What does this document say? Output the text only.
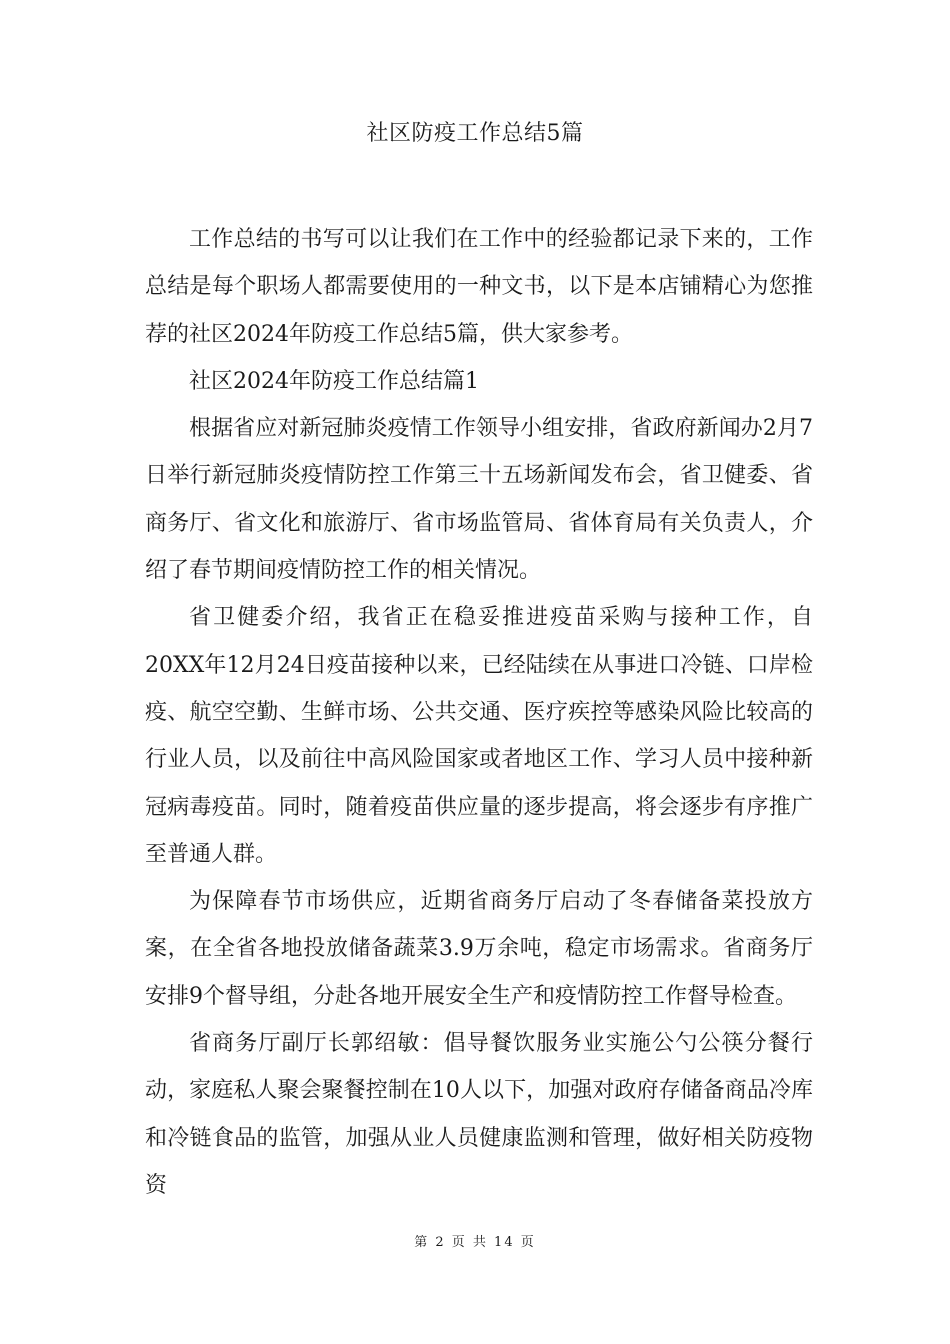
社区防疫工作总结5篇

工作总结的书写可以让我们在工作中的经验都记录下来的，工作总结是每个职场人都需要使用的一种文书，以下是本店铺精心为您推荐的社区2024年防疫工作总结5篇，供大家参考。

社区2024年防疫工作总结篇1

根据省应对新冠肺炎疫情工作领导小组安排，省政府新闻办2月7日举行新冠肺炎疫情防控工作第三十五场新闻发布会，省卫健委、省商务厅、省文化和旅游厅、省市场监管局、省体育局有关负责人，介绍了春节期间疫情防控工作的相关情况。

省卫健委介绍，我省正在稳妥推进疫苗采购与接种工作，自20XX年12月24日疫苗接种以来，已经陆续在从事进口冷链、口岸检疫、航空空勤、生鲜市场、公共交通、医疗疾控等感染风险比较高的行业人员，以及前往中高风险国家或者地区工作、学习人员中接种新冠病毒疫苗。同时，随着疫苗供应量的逐步提高，将会逐步有序推广至普通人群。

为保障春节市场供应，近期省商务厅启动了冬春储备菜投放方案，在全省各地投放储备蔬菜3.9万余吨，稳定市场需求。省商务厅安排9个督导组，分赴各地开展安全生产和疫情防控工作督导检查。

省商务厅副厅长郭绍敏：倡导餐饮服务业实施公勺公筷分餐行动，家庭私人聚会聚餐控制在10人以下，加强对政府存储备商品冷库和冷链食品的监管，加强从业人员健康监测和管理，做好相关防疫物资

第 2 页 共 14 页
